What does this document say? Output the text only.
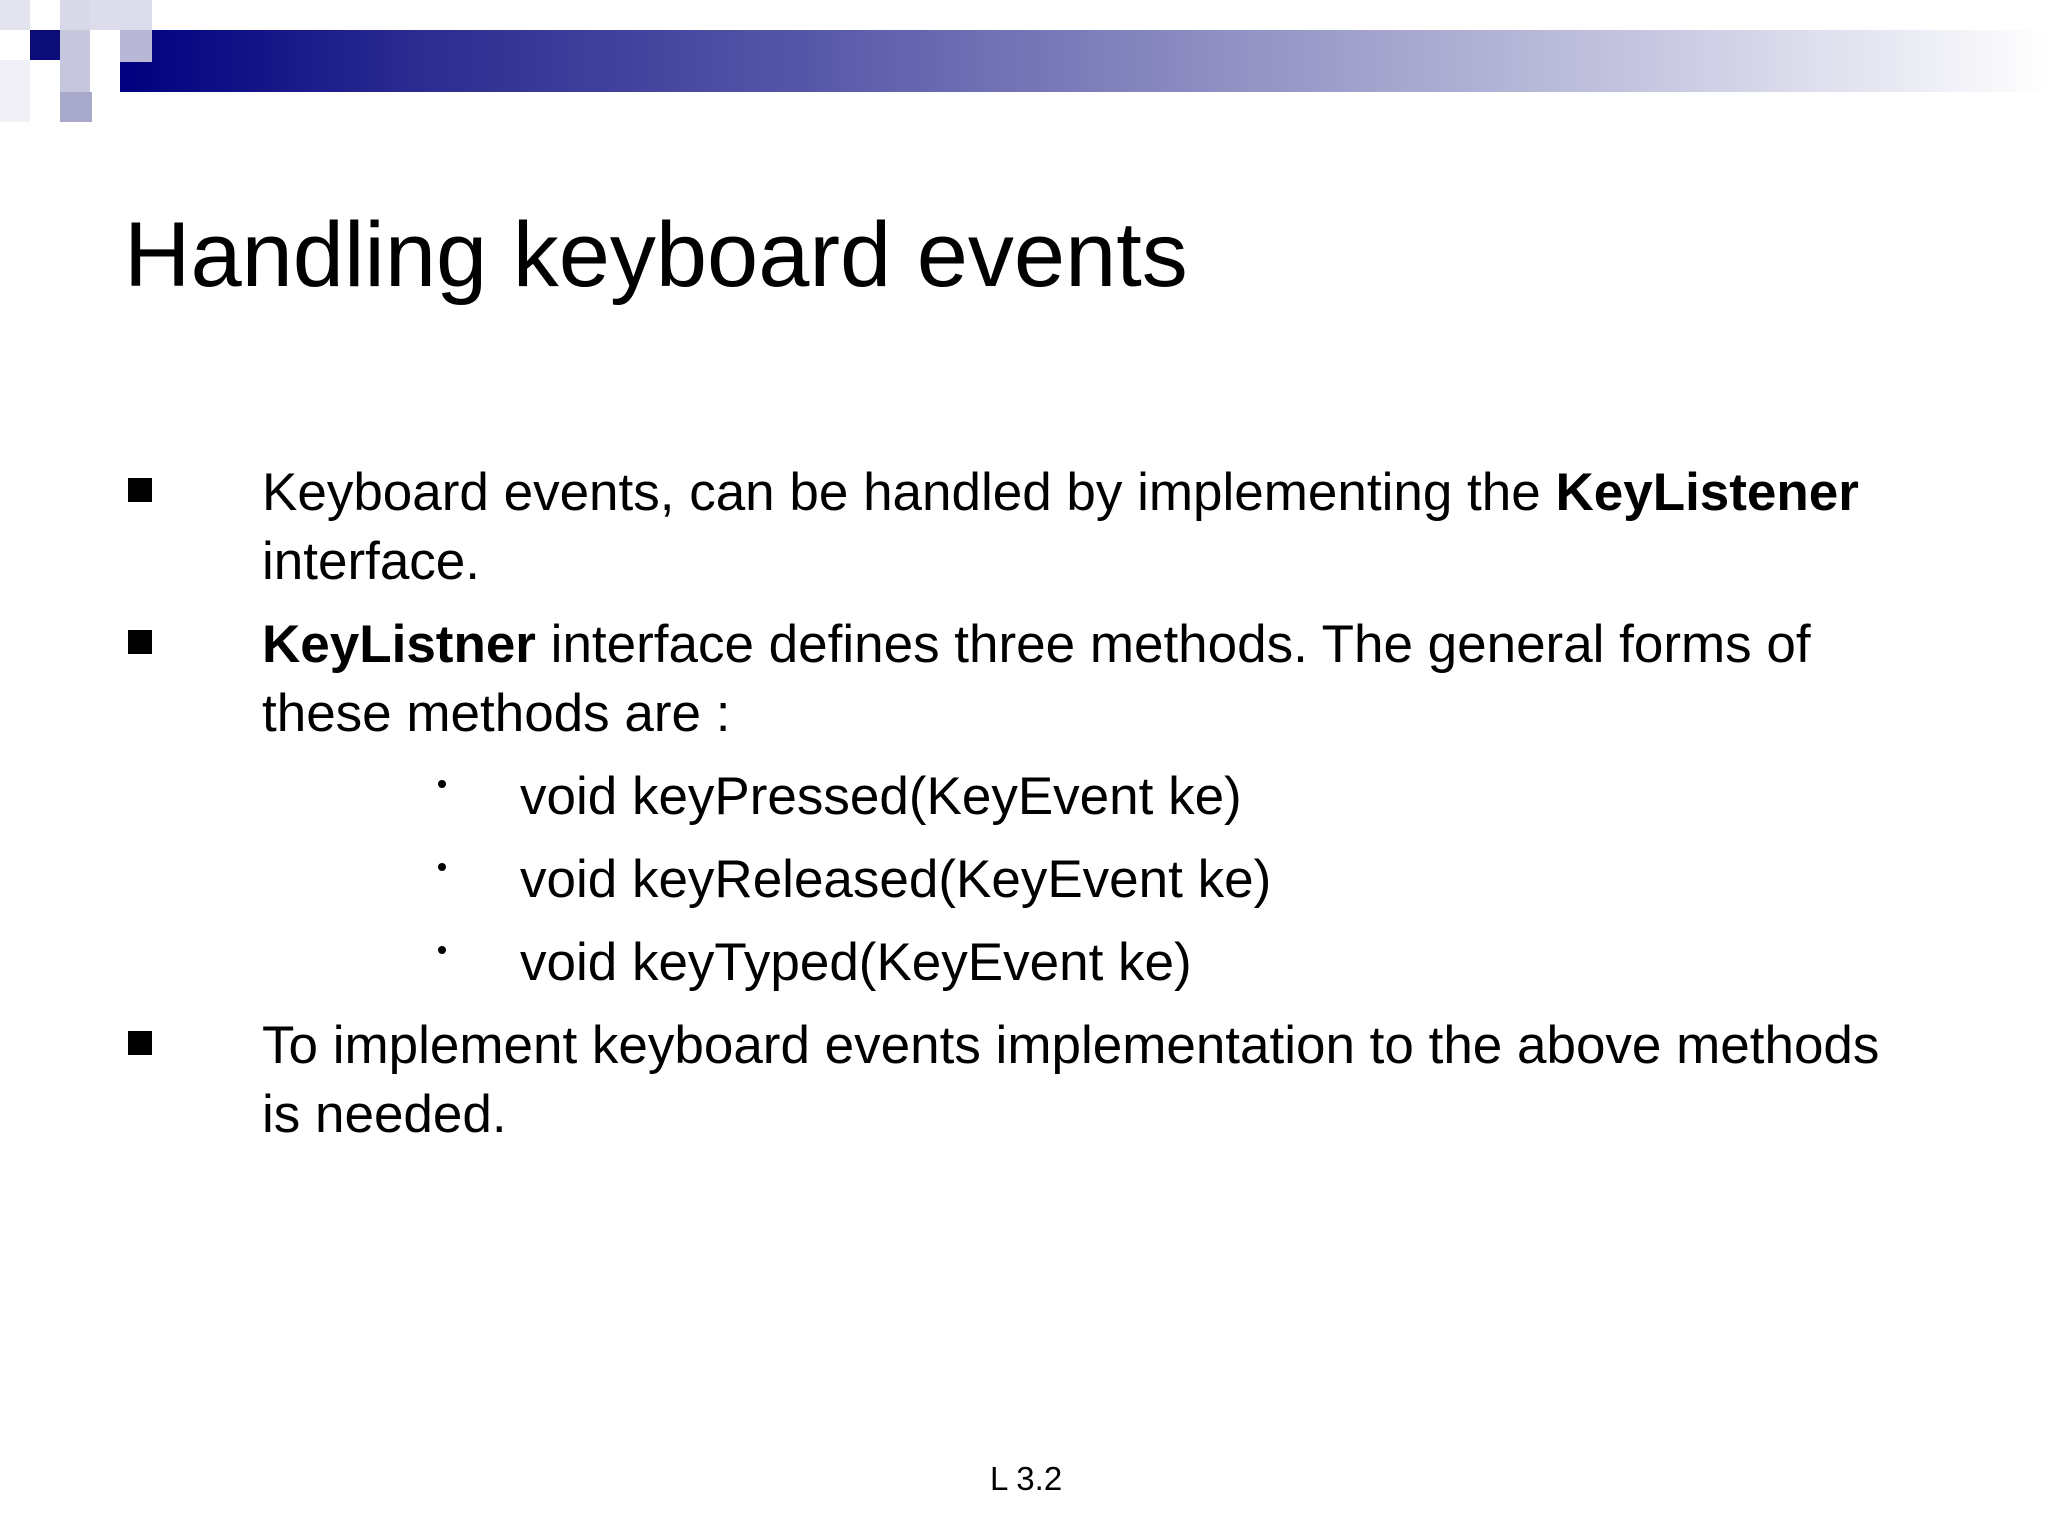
Handling keyboard events
Keyboard events, can be handled by implementing the KeyListener interface.
KeyListner interface defines three methods. The general forms of these methods are :
void keyPressed(KeyEvent ke)
void keyReleased(KeyEvent ke)
void keyTyped(KeyEvent ke)
To implement keyboard events implementation to the above methods is needed.
L 3.2
